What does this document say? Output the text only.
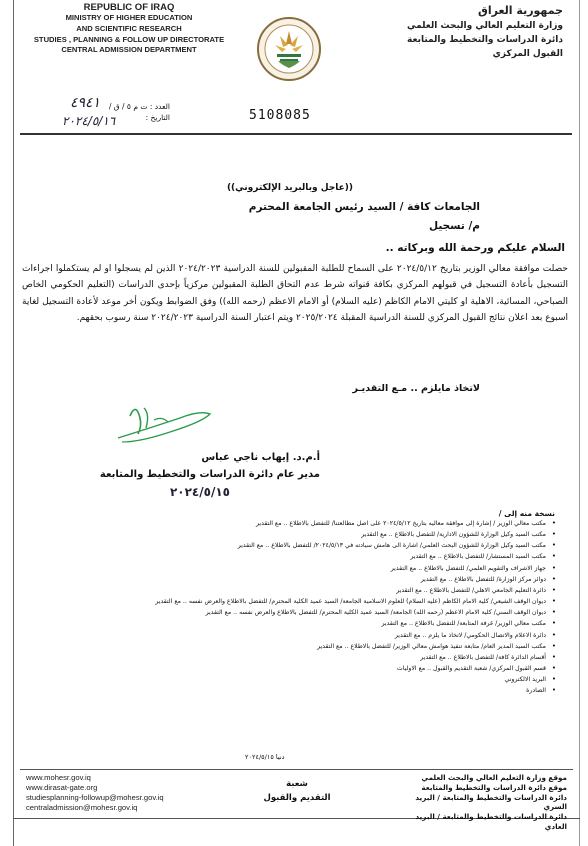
REPUBLIC OF IRAQ
MINISTRY OF HIGHER EDUCATION
AND SCIENTIFIC RESEARCH
STUDIES , PLANNING & FOLLOW UP DIRECTORATE
CENTRAL ADMISSION DEPARTMENT
جمهورية العراق
وزارة التعليم العالي والبحث العلمي
دائرة الدراسات والتخطيط والمتابعة
القبول المركزي
العدد : ت م ٥ / ق /
التاريخ :
٤٩٤١
٢٠٢٤/٥/١٦	5108085
((عاجل وبالبريد الإلكتروني))
الجامعات كافة / السيد رئيس الجامعة المحترم
م/ تسجيل
السلام عليكم ورحمة الله وبركاته ..
حصلت موافقة معالي الوزير بتاريخ ٢٠٢٤/٥/١٢ على السماح للطلبة المقبولين للسنة الدراسية ٢٠٢٤/٢٠٢٣ الذين لم يسجلوا او لم يستكملوا اجراءات التسجيل بأعادة التسجيل في قبولهم المركزي بكافة قنواته شرط عدم التحاق الطلبة المقبولين مركزياً بإحدى الدراسات (التعليم الحكومي الخاص الصباحي، المسائية، الاهلية او كليتي الامام الكاظم (عليه السلام) أو الامام الاعظم (رحمه الله)) وفق الضوابط ويكون أخر موعد لأعادة التسجيل لغاية اسبوع بعد اعلان نتائج القبول المركزي للسنة الدراسية المقبلة ٢٠٢٥/٢٠٢٤ ويتم اعتبار السنة الدراسية ٢٠٢٤/٢٠٢٣ سنة رسوب بحقهم.
لاتخاذ مايلزم .. مـع التقديـر
أ.م.د. إيهاب ناجي عباس
مدير عام دائرة الدراسات والتخطيط والمتابعة
٢٠٢٤/٥/١٥
نسخة منه إلى /
• مكتب معالي الوزير / إشارة إلى موافقة معاليه بتاريخ ٢٠٢٤/٥/١٢ على اصل مطالعتنا/ للتفضل بالاطلاع .. مع التقدير
• مكتب السيد وكيل الوزارة للشؤون الادارية/ للتفضل بالاطلاع .. مع التقدير
• مكتب السيد وكيل الوزارة للشؤون البحث العلمي/ اشارة الى هامش سيادته في ٢٠٢٤/٥/١٣/ للتفضل بالاطلاع .. مع التقدير
• مكتب السيد المستشار/ للتفضل بالاطلاع .. مع التقدير
• جهاز الاشراف والتقويم العلمي/ للتفضل بالاطلاع .. مع التقدير
• دوائر مركز الوزارة/ للتفضل بالاطلاع .. مع التقدير
• دائرة التعليم الجامعي الاهلي/ للتفضل بالاطلاع .. مع التقدير
• ديوان الوقف الشيعي/ كلية الامام الكاظم (عليه السلام) للعلوم الاسلامية الجامعة/ السيد عميد الكلية المحترم/ للتفضل بالاطلاع والعرض نفسه .. مع التقدير
• ديوان الوقف السني/ كلية الامام الاعظم (رحمه الله) الجامعة/ السيد عميد الكلية المحترم/ للتفضل بالاطلاع والعرض نفسه .. مع التقدير
• مكتب معالي الوزير/ غرفة المتابعة/ للتفضل بالاطلاع .. مع التقدير
• دائرة الاعلام والاتصال الحكومي/ لاتخاذ ما يلزم .. مع التقدير
• مكتب السيد المدير العام/ متابعة تنفيذ هوامش معالي الوزير/ للتفضل بالاطلاع .. مع التقدير
• أقسام الدائرة كافة/ للتفضل بالاطلاع .. مع التقدير
• قسم القبول المركزي/ شعبة التقديم والقبول .. مع الاوليات
• البريد الالكتروني
• الصادرة
دنيا ٢٠٢٤/٥/١٥
www.mohesr.gov.iq
www.dirasat-gate.org
studiesplanning-followup@mohesr.gov.iq
centraladmission@mohesr.gov.iq
شعبة
التقديم والقبول
موقع وزارة التعليم العالي والبحث العلمي
موقع دائرة الدراسات والتخطيط والمتابعة
دائرة الدراسات والتخطيط والمتابعة / البريد السري
دائرة الدراسات والتخطيط والمتابعة / البريد العادي
